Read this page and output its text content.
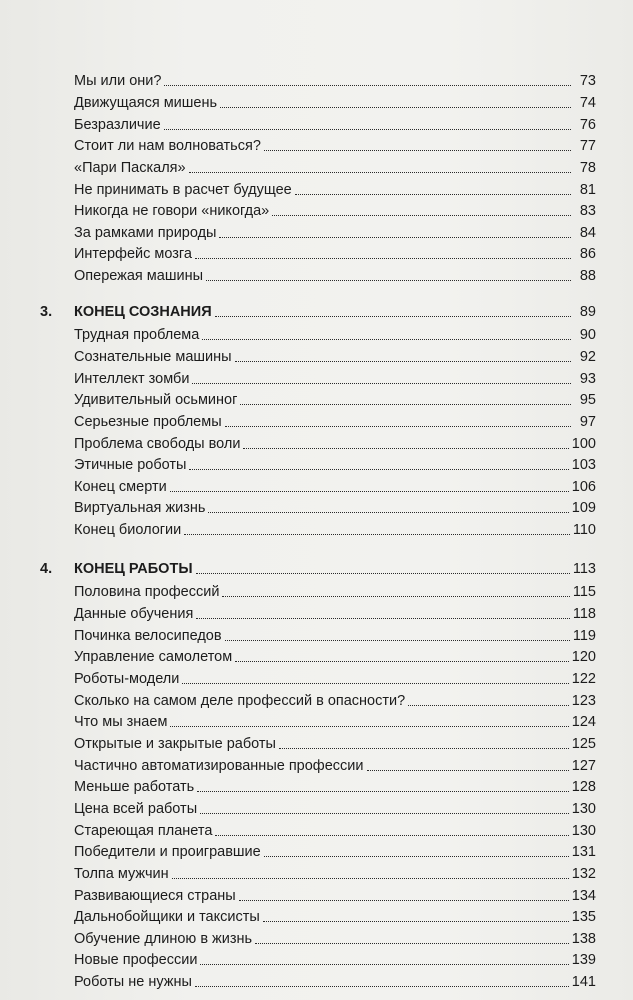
Мы или они?	73
Движущаяся мишень	74
Безразличие	76
Стоит ли нам волноваться?	77
«Пари Паскаля»	78
Не принимать в расчет будущее	81
Никогда не говори «никогда»	83
За рамками природы	84
Интерфейс мозга	86
Опережая машины	88
3. КОНЕЦ СОЗНАНИЯ	89
Трудная проблема	90
Сознательные машины	92
Интеллект зомби	93
Удивительный осьминог	95
Серьезные проблемы	97
Проблема свободы воли	100
Этичные роботы	103
Конец смерти	106
Виртуальная жизнь	109
Конец биологии	110
4. КОНЕЦ РАБОТЫ	113
Половина профессий	115
Данные обучения	118
Починка велосипедов	119
Управление самолетом	120
Роботы-модели	122
Сколько на самом деле профессий в опасности?	123
Что мы знаем	124
Открытые и закрытые работы	125
Частично автоматизированные профессии	127
Меньше работать	128
Цена всей работы	130
Стареющая планета	130
Победители и проигравшие	131
Толпа мужчин	132
Развивающиеся страны	134
Дальнобойщики и таксисты	135
Обучение длиною в жизнь	138
Новые профессии	139
Роботы не нужны	141
